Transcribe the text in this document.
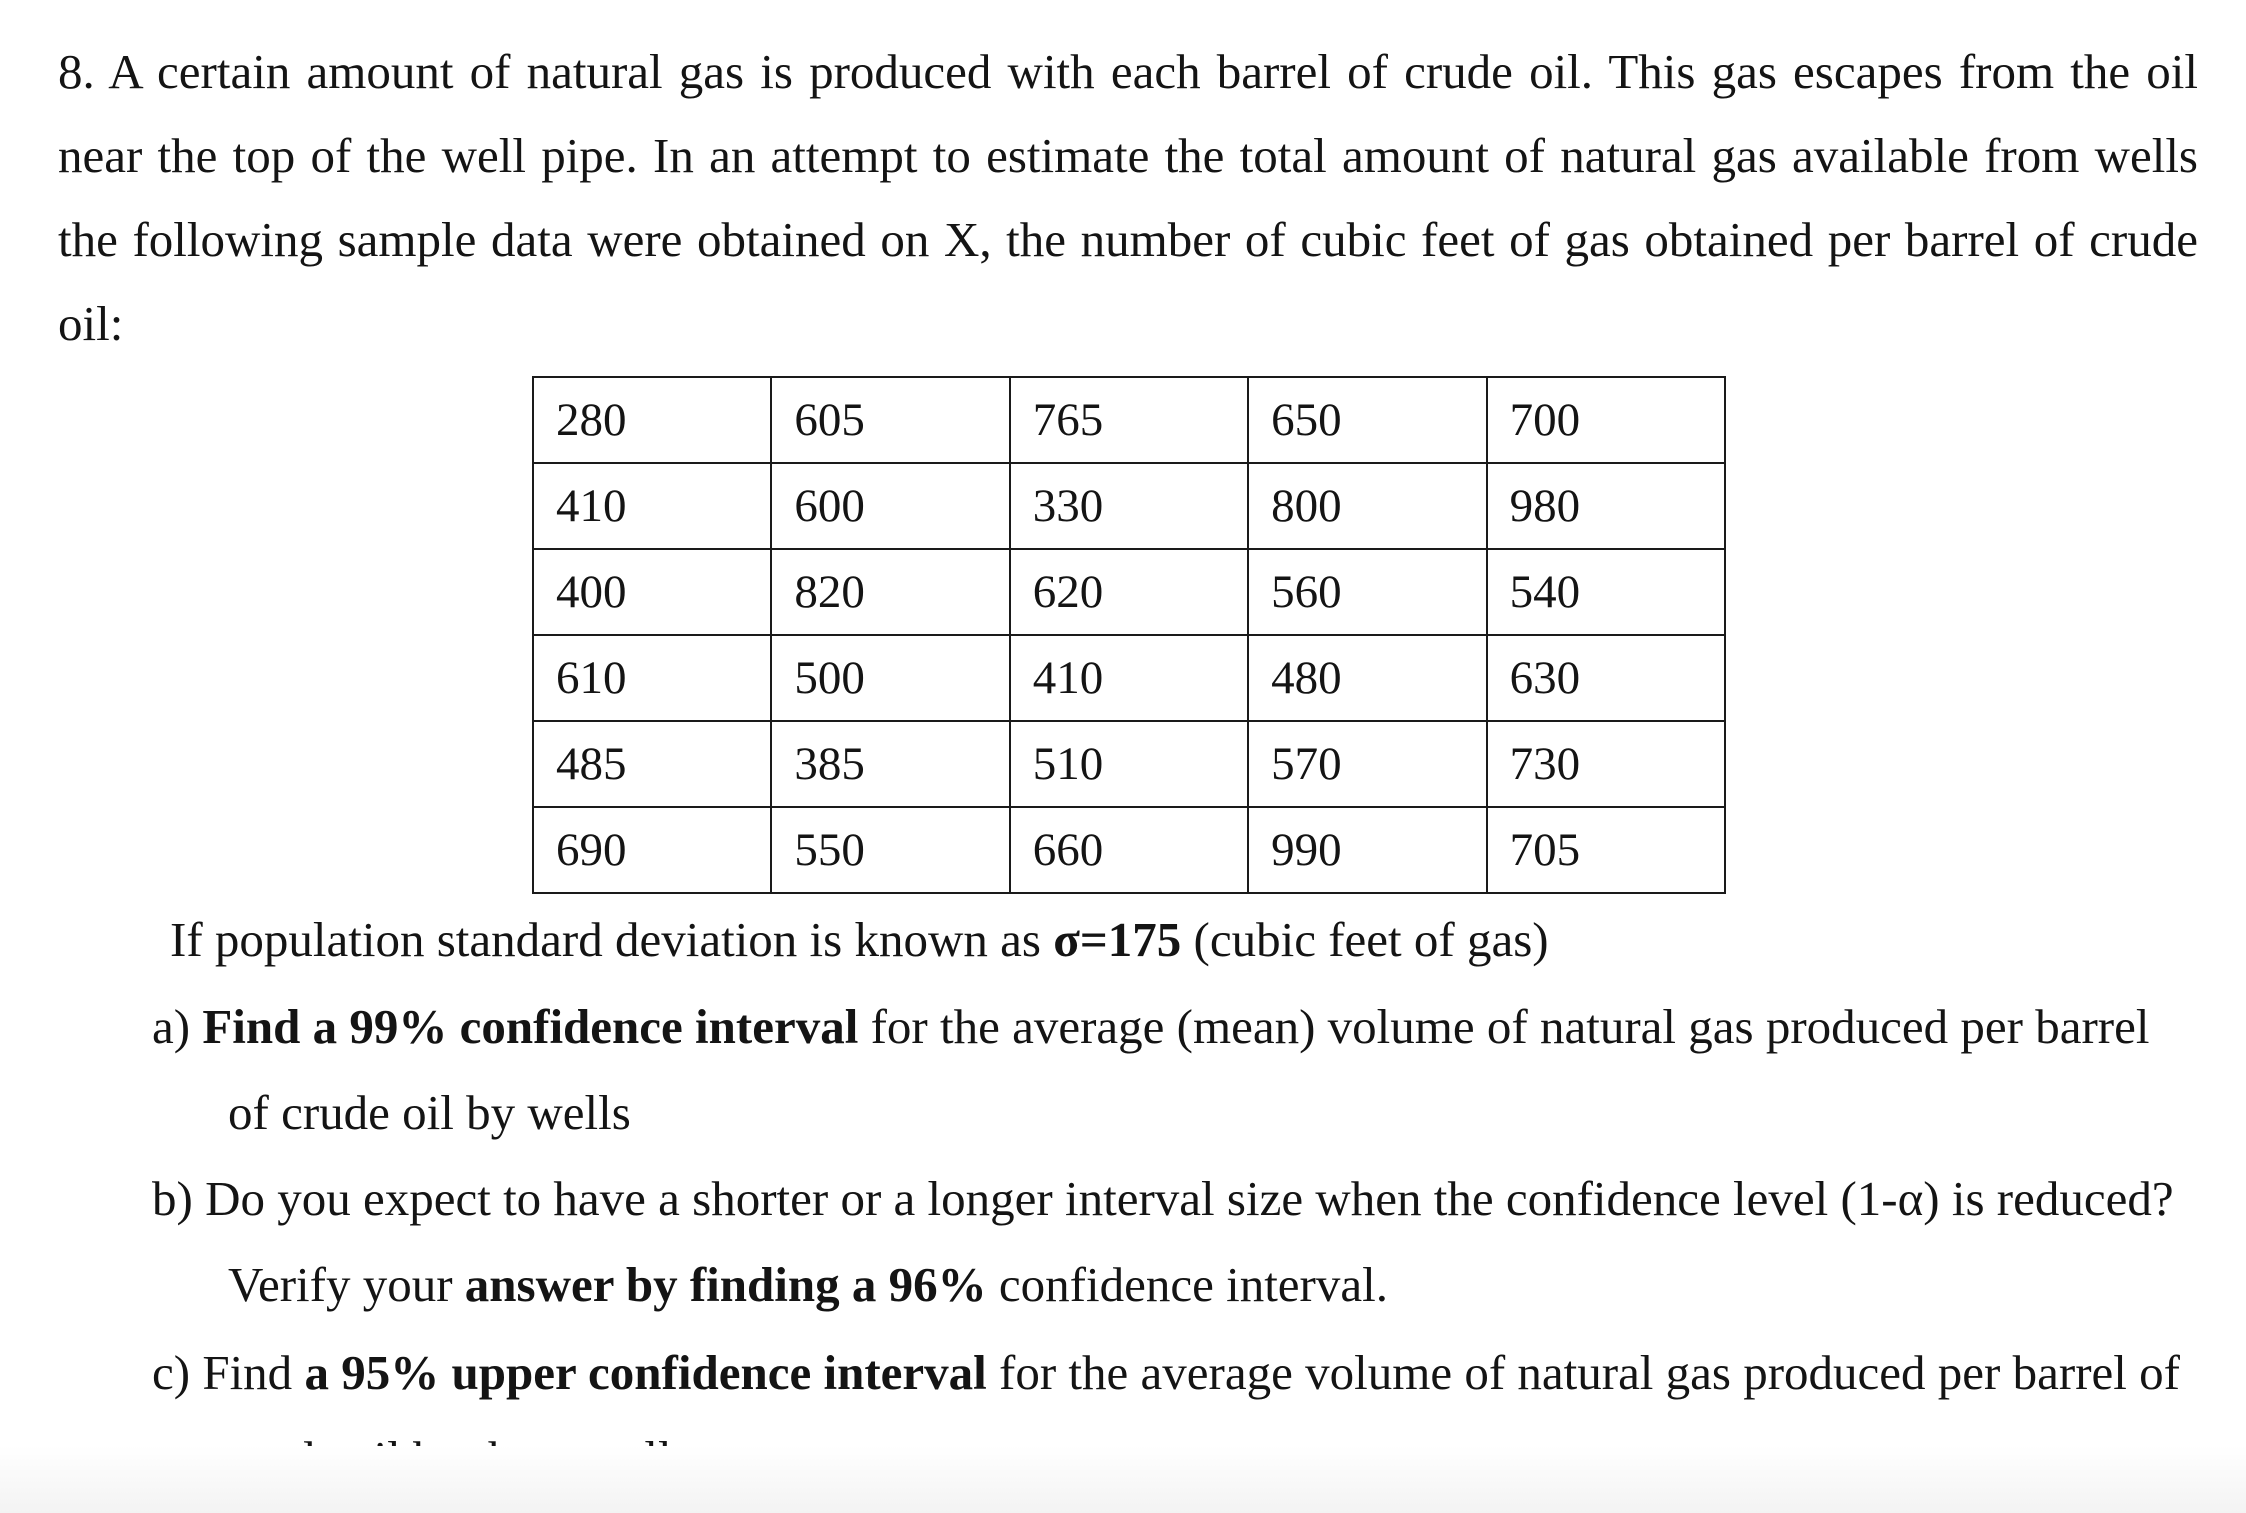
8. A certain amount of natural gas is produced with each barrel of crude oil. This gas escapes from the oil near the top of the well pipe. In an attempt to estimate the total amount of natural gas available from wells the following sample data were obtained on X, the number of cubic feet of gas obtained per barrel of crude oil:

280	605	765	650	700
410	600	330	800	980
400	820	620	560	540
610	500	410	480	630
485	385	510	570	730
690	550	660	990	705
If population standard deviation is known as σ=175 (cubic feet of gas)
a) Find a 99% confidence interval for the average (mean) volume of natural gas produced per barrel
of crude oil by wells
b) Do you expect to have a shorter or a longer interval size when the confidence level (1-α) is reduced?
Verify your answer by finding a 96% confidence interval.
c) Find a 95% upper confidence interval for the average volume of natural gas produced per barrel of
